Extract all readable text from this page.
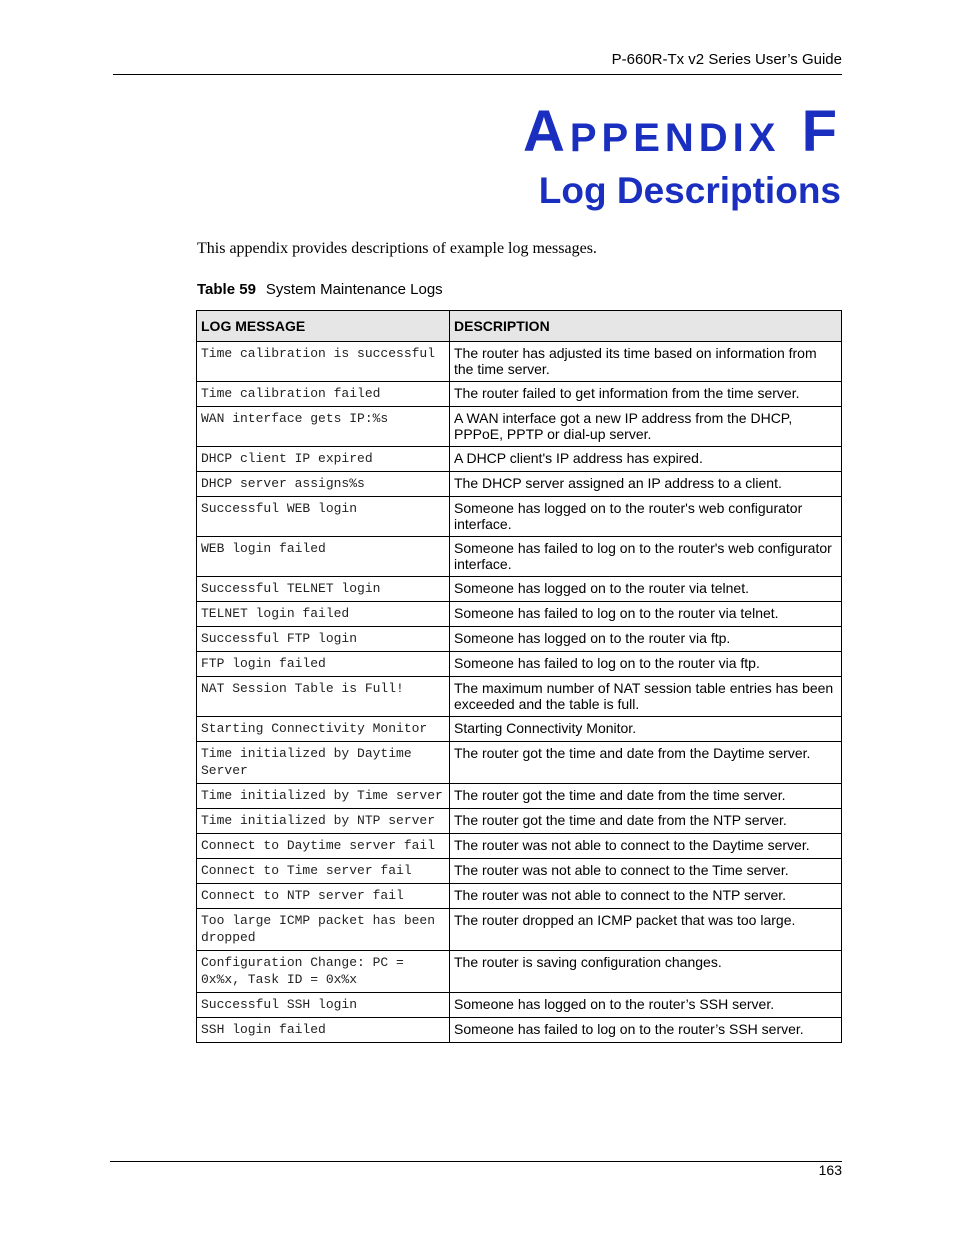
P-660R-Tx v2 Series User’s Guide
APPENDIX F
Log Descriptions
This appendix provides descriptions of example log messages.
Table 59 System Maintenance Logs
LOG MESSAGE	DESCRIPTION
Time calibration is successful	The router has adjusted its time based on information from the time server.
Time calibration failed	The router failed to get information from the time server.
WAN interface gets IP:%s	A WAN interface got a new IP address from the DHCP, PPPoE, PPTP or dial-up server.
DHCP client IP expired	A DHCP client's IP address has expired.
DHCP server assigns%s	The DHCP server assigned an IP address to a client.
Successful WEB login	Someone has logged on to the router's web configurator interface.
WEB login failed	Someone has failed to log on to the router's web configurator interface.
Successful TELNET login	Someone has logged on to the router via telnet.
TELNET login failed	Someone has failed to log on to the router via telnet.
Successful FTP login	Someone has logged on to the router via ftp.
FTP login failed	Someone has failed to log on to the router via ftp.
NAT Session Table is Full!	The maximum number of NAT session table entries has been exceeded and the table is full.
Starting Connectivity Monitor	Starting Connectivity Monitor.
Time initialized by Daytime Server	The router got the time and date from the Daytime server.
Time initialized by Time server	The router got the time and date from the time server.
Time initialized by NTP server	The router got the time and date from the NTP server.
Connect to Daytime server fail	The router was not able to connect to the Daytime server.
Connect to Time server fail	The router was not able to connect to the Time server.
Connect to NTP server fail	The router was not able to connect to the NTP server.
Too large ICMP packet has been dropped	The router dropped an ICMP packet that was too large.
Configuration Change: PC = 0x%x, Task ID = 0x%x	The router is saving configuration changes.
Successful SSH login	Someone has logged on to the router’s SSH server.
SSH login failed	Someone has failed to log on to the router’s SSH server.
163
